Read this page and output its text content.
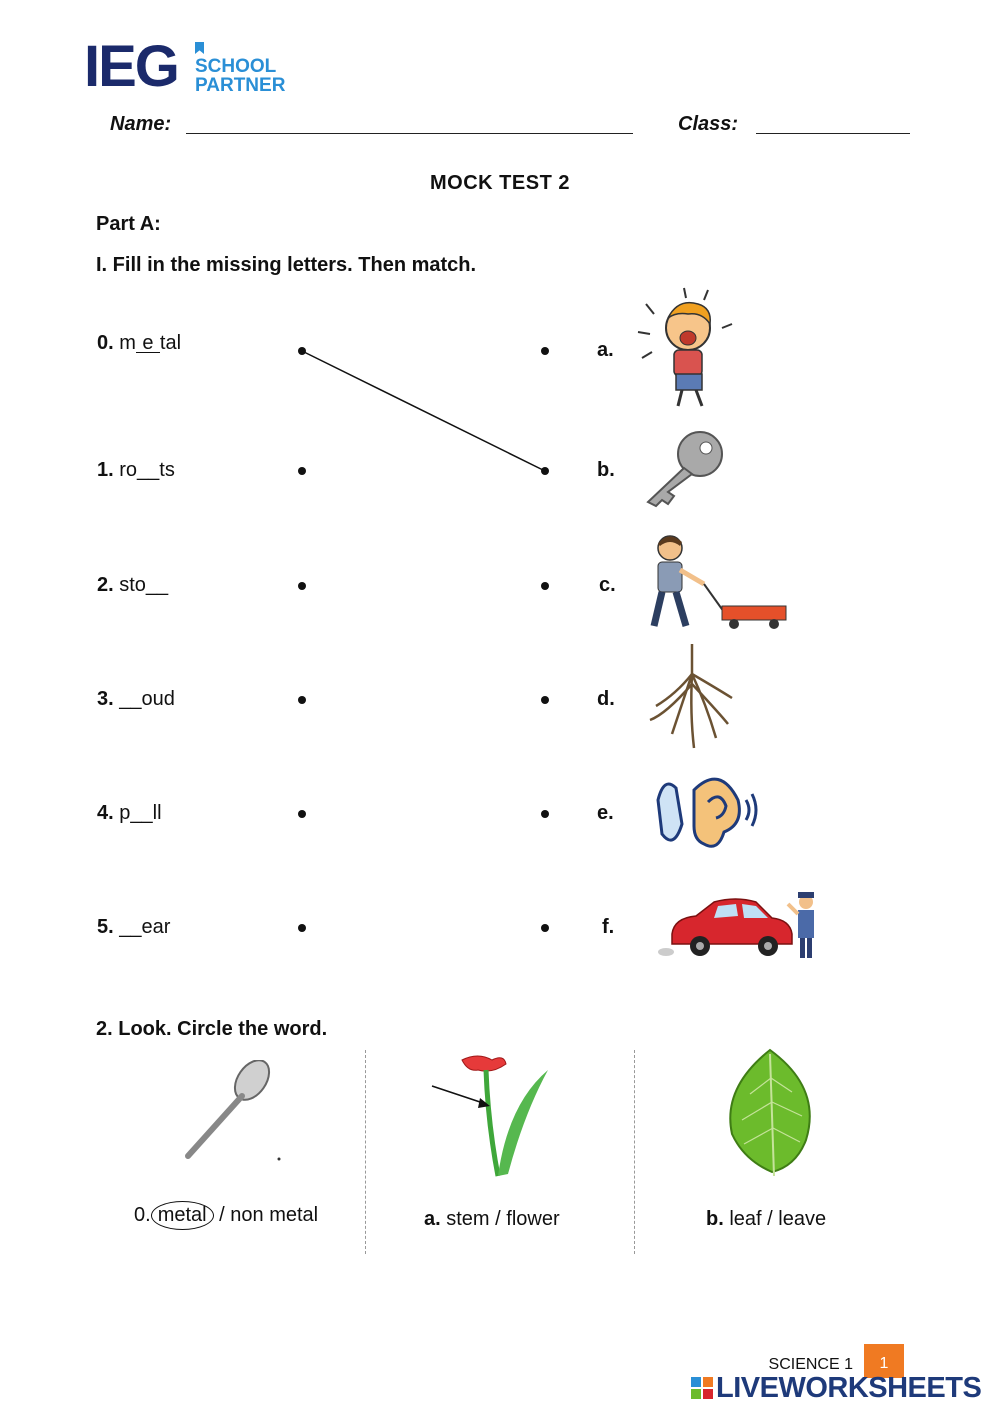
IEG SCHOOL
PARTNER
Name:	Class:
MOCK TEST 2
Part A:
I. Fill in the missing letters. Then match.
0. m e tal
1. ro__ts
2. sto__
3. __oud
4. p__ll
5. __ear
a.
b.
c.
d.
e.
f.
2. Look. Circle the word.
0. metal / non metal	a. stem / flower	b. leaf / leave
1
SCIENCE 1
LIVEWORKSHEETS
